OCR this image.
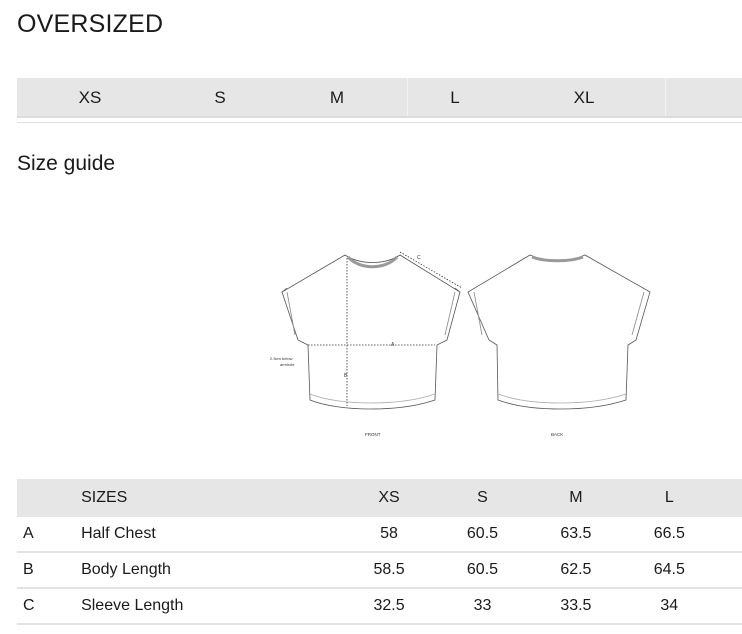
OVERSIZED
XS	S	M	L	XL
Size guide
A
B
C
2.5cm below
armhole
FRONT	BACK
	SIZES	XS	S	M	L	
A	Half Chest	58	60.5	63.5	66.5	
B	Body Length	58.5	60.5	62.5	64.5	
C	Sleeve Length	32.5	33	33.5	34	
